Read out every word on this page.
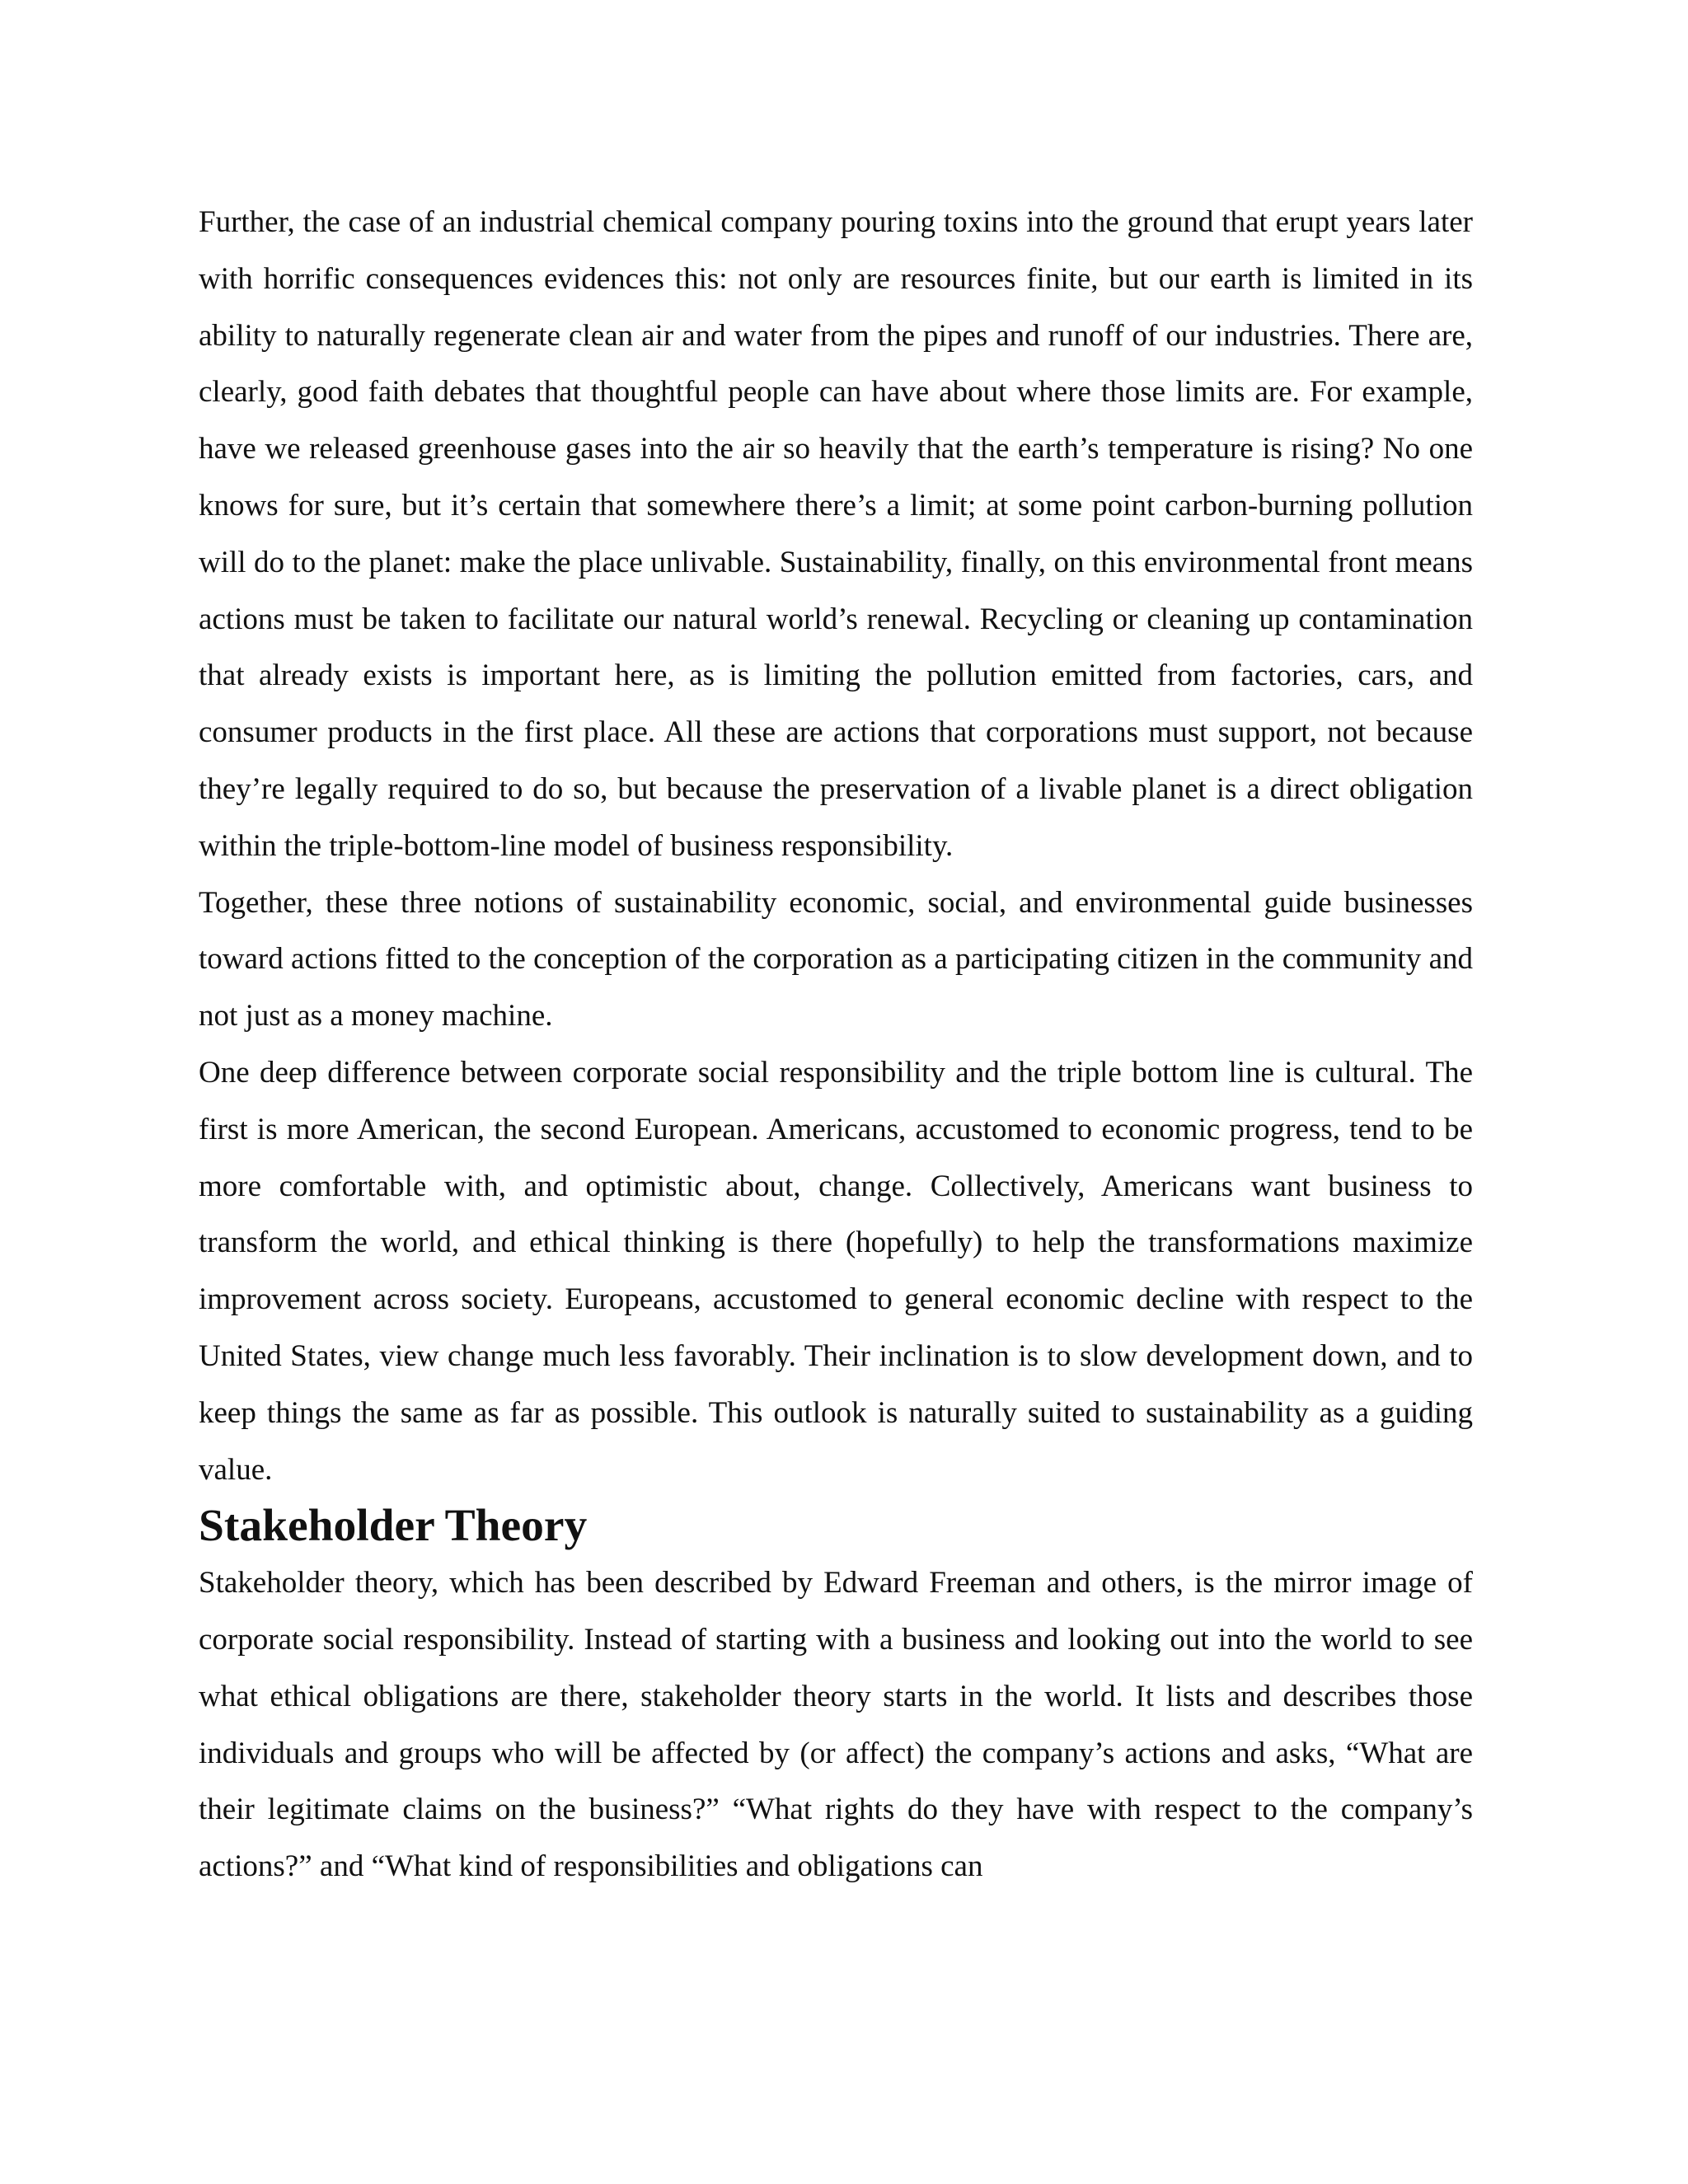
Further, the case of an industrial chemical company pouring toxins into the ground that erupt years later with horrific consequences evidences this: not only are resources finite, but our earth is limited in its ability to naturally regenerate clean air and water from the pipes and runoff of our industries. There are, clearly, good faith debates that thoughtful people can have about where those limits are. For example, have we released greenhouse gases into the air so heavily that the earth’s temperature is rising? No one knows for sure, but it’s certain that somewhere there’s a limit; at some point carbon-burning pollution will do to the planet: make the place unlivable. Sustainability, finally, on this environmental front means actions must be taken to facilitate our natural world’s renewal. Recycling or cleaning up contamination that already exists is important here, as is limiting the pollution emitted from factories, cars, and consumer products in the first place. All these are actions that corporations must support, not because they’re legally required to do so, but because the preservation of a livable planet is a direct obligation within the triple-bottom-line model of business responsibility.

Together, these three notions of sustainability economic, social, and environmental guide businesses toward actions fitted to the conception of the corporation as a participating citizen in the community and not just as a money machine.

One deep difference between corporate social responsibility and the triple bottom line is cultural. The first is more American, the second European. Americans, accustomed to economic progress, tend to be more comfortable with, and optimistic about, change. Collectively, Americans want business to transform the world, and ethical thinking is there (hopefully) to help the transformations maximize improvement across society. Europeans, accustomed to general economic decline with respect to the United States, view change much less favorably. Their inclination is to slow development down, and to keep things the same as far as possible. This outlook is naturally suited to sustainability as a guiding value.

Stakeholder Theory

Stakeholder theory, which has been described by Edward Freeman and others, is the mirror image of corporate social responsibility. Instead of starting with a business and looking out into the world to see what ethical obligations are there, stakeholder theory starts in the world. It lists and describes those individuals and groups who will be affected by (or affect) the company’s actions and asks, “What are their legitimate claims on the business?” “What rights do they have with respect to the company’s actions?” and “What kind of responsibilities and obligations can
